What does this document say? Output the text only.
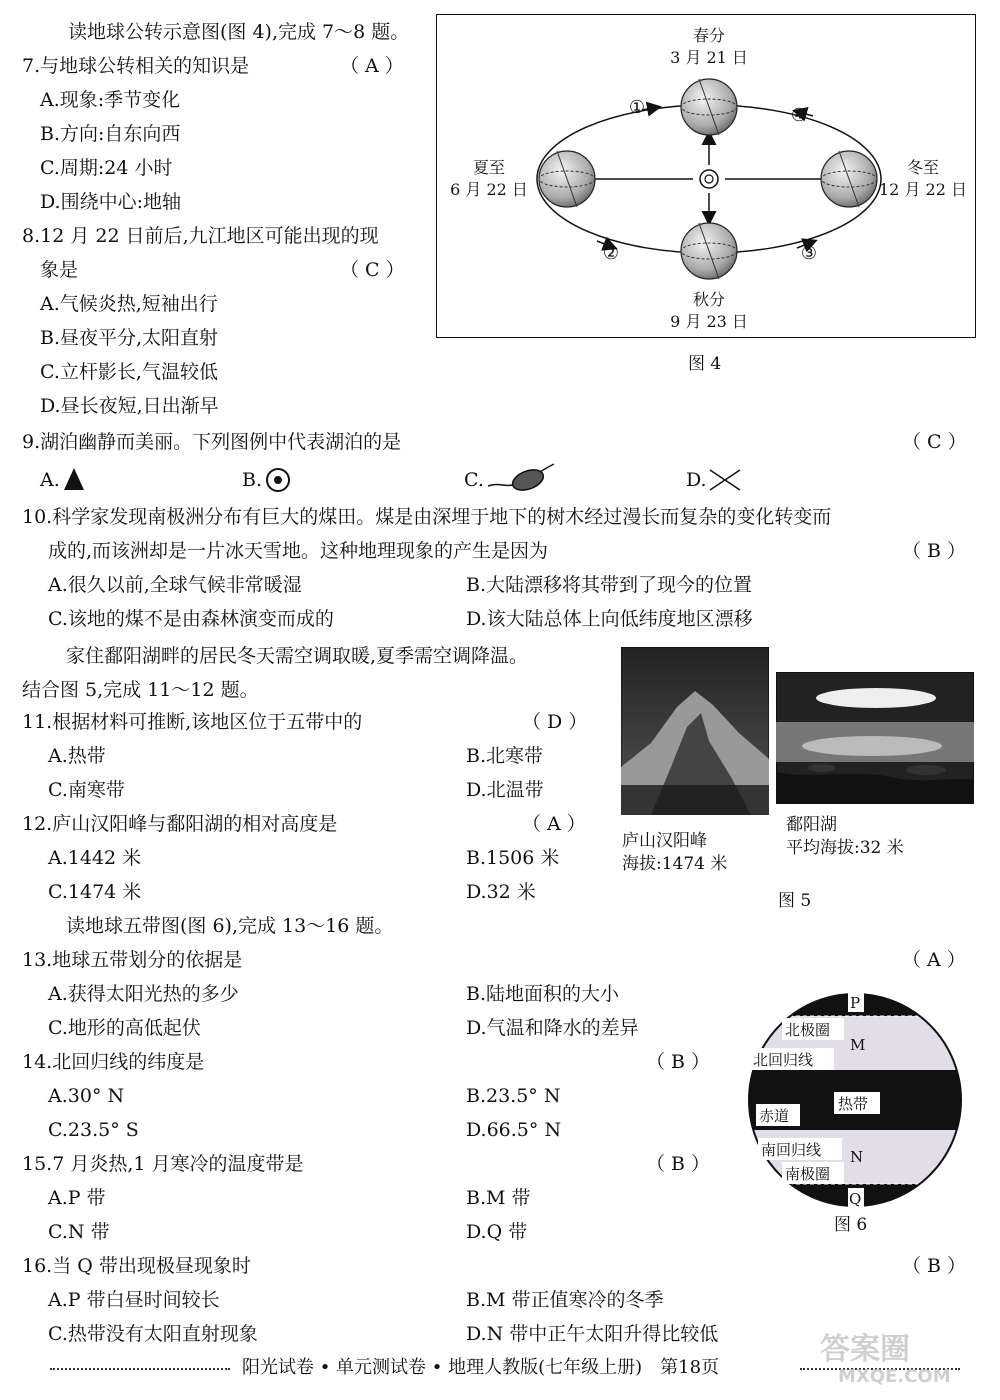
读地球公转示意图(图 4),完成 7～8 题。
7.与地球公转相关的知识是	（ A ）
A.现象:季节变化
B.方向:自东向西
C.周期:24 小时
D.围绕中心:地轴
8.12 月 22 日前后,九江地区可能出现的现
象是	（ C ）
A.气候炎热,短袖出行
B.昼夜平分,太阳直射
C.立杆影长,气温较低
D.昼长夜短,日出渐早
春分
3 月 21 日
夏至
6 月 22 日
秋分
9 月 23 日
冬至
12 月 22 日
①
②	③
④
图 4
9.湖泊幽静而美丽。下列图例中代表湖泊的是	（ C ）
A.	B.	C.	D.
10.科学家发现南极洲分布有巨大的煤田。煤是由深埋于地下的树木经过漫长而复杂的变化转变而
成的,而该洲却是一片冰天雪地。这种地理现象的产生是因为	（ B ）
A.很久以前,全球气候非常暖湿	B.大陆漂移将其带到了现今的位置
C.该地的煤不是由森林演变而成的	D.该大陆总体上向低纬度地区漂移
家住鄱阳湖畔的居民冬天需空调取暖,夏季需空调降温。
结合图 5,完成 11～12 题。
11.根据材料可推断,该地区位于五带中的	（ D ）
A.热带	B.北寒带
C.南寒带	D.北温带
12.庐山汉阳峰与鄱阳湖的相对高度是	（ A ）
A.1442 米	B.1506 米
C.1474 米	D.32 米
庐山汉阳峰
海拔:1474 米
鄱阳湖
平均海拔:32 米
图 5
读地球五带图(图 6),完成 13～16 题。
13.地球五带划分的依据是	（ A ）
A.获得太阳光热的多少	B.陆地面积的大小
C.地形的高低起伏	D.气温和降水的差异
14.北回归线的纬度是	（ B ）
A.30° N	B.23.5° N
C.23.5° S	D.66.5° N
15.7 月炎热,1 月寒冷的温度带是	（ B ）
A.P 带	B.M 带
C.N 带	D.Q 带
16.当 Q 带出现极昼现象时	（ B ）
A.P 带白昼时间较长	B.M 带正值寒冷的冬季
C.热带没有太阳直射现象	D.N 带中正午太阳升得比较低
P
北极圈
M
北回归线
热带
赤道
南回归线 N
南极圈
Q
图 6
阳光试卷 • 单元测试卷 • 地理人教版(七年级上册)　第18页
答案圈
MXQE.COM
